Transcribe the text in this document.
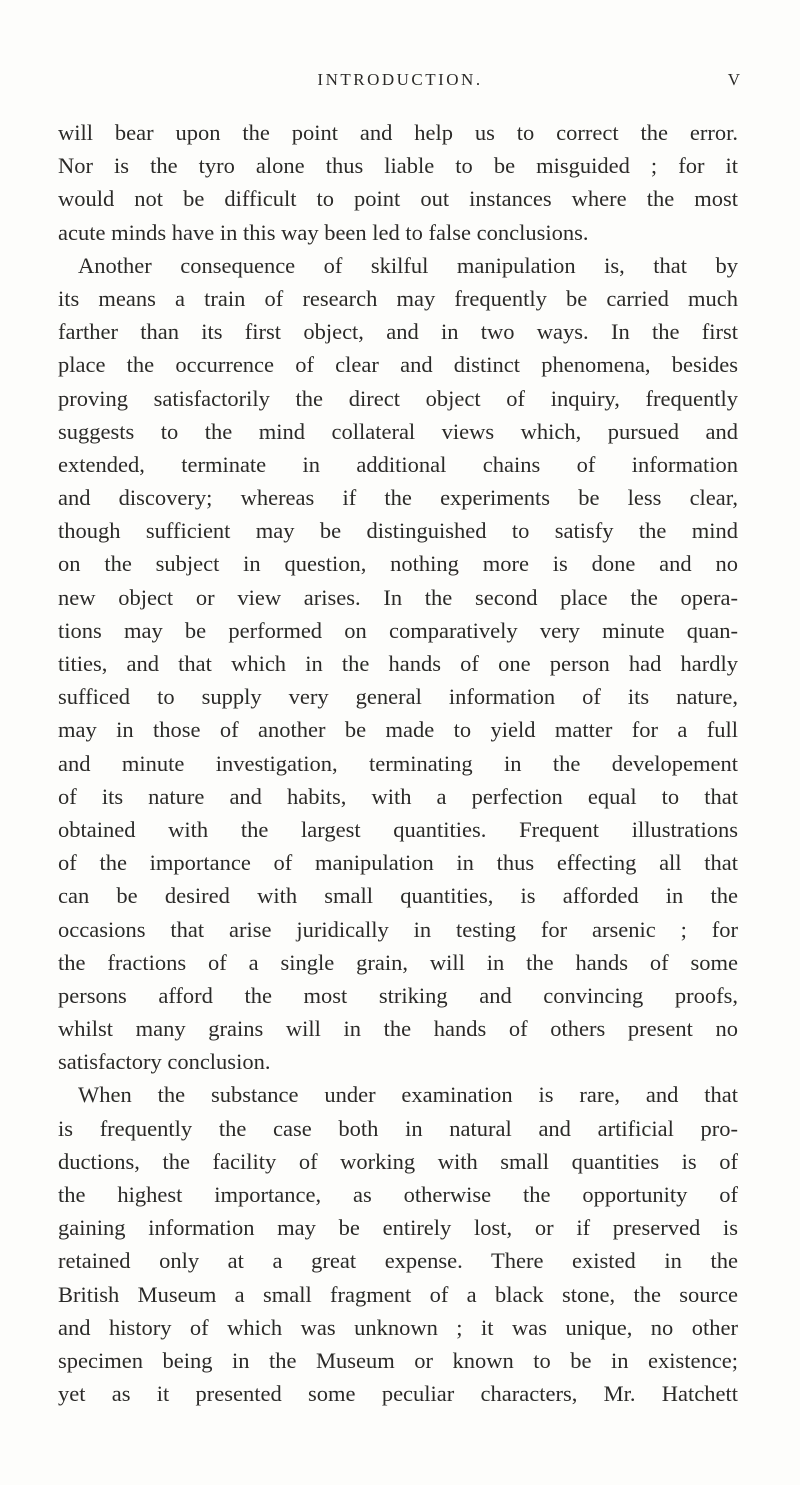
INTRODUCTION.	V
will bear upon the point and help us to correct the error.
Nor is the tyro alone thus liable to be misguided ; for it
would not be difficult to point out instances where the most
acute minds have in this way been led to false conclusions.
Another consequence of skilful manipulation is, that by
its means a train of research may frequently be carried much
farther than its first object, and in two ways. In the first
place the occurrence of clear and distinct phenomena, besides
proving satisfactorily the direct object of inquiry, frequently
suggests to the mind collateral views which, pursued and
extended, terminate in additional chains of information
and discovery; whereas if the experiments be less clear,
though sufficient may be distinguished to satisfy the mind
on the subject in question, nothing more is done and no
new object or view arises. In the second place the opera-
tions may be performed on comparatively very minute quan-
tities, and that which in the hands of one person had hardly
sufficed to supply very general information of its nature,
may in those of another be made to yield matter for a full
and minute investigation, terminating in the developement
of its nature and habits, with a perfection equal to that
obtained with the largest quantities. Frequent illustrations
of the importance of manipulation in thus effecting all that
can be desired with small quantities, is afforded in the
occasions that arise juridically in testing for arsenic ; for
the fractions of a single grain, will in the hands of some
persons afford the most striking and convincing proofs,
whilst many grains will in the hands of others present no
satisfactory conclusion.
When the substance under examination is rare, and that
is frequently the case both in natural and artificial pro-
ductions, the facility of working with small quantities is of
the highest importance, as otherwise the opportunity of
gaining information may be entirely lost, or if preserved is
retained only at a great expense. There existed in the
British Museum a small fragment of a black stone, the source
and history of which was unknown ; it was unique, no other
specimen being in the Museum or known to be in existence;
yet as it presented some peculiar characters, Mr. Hatchett
